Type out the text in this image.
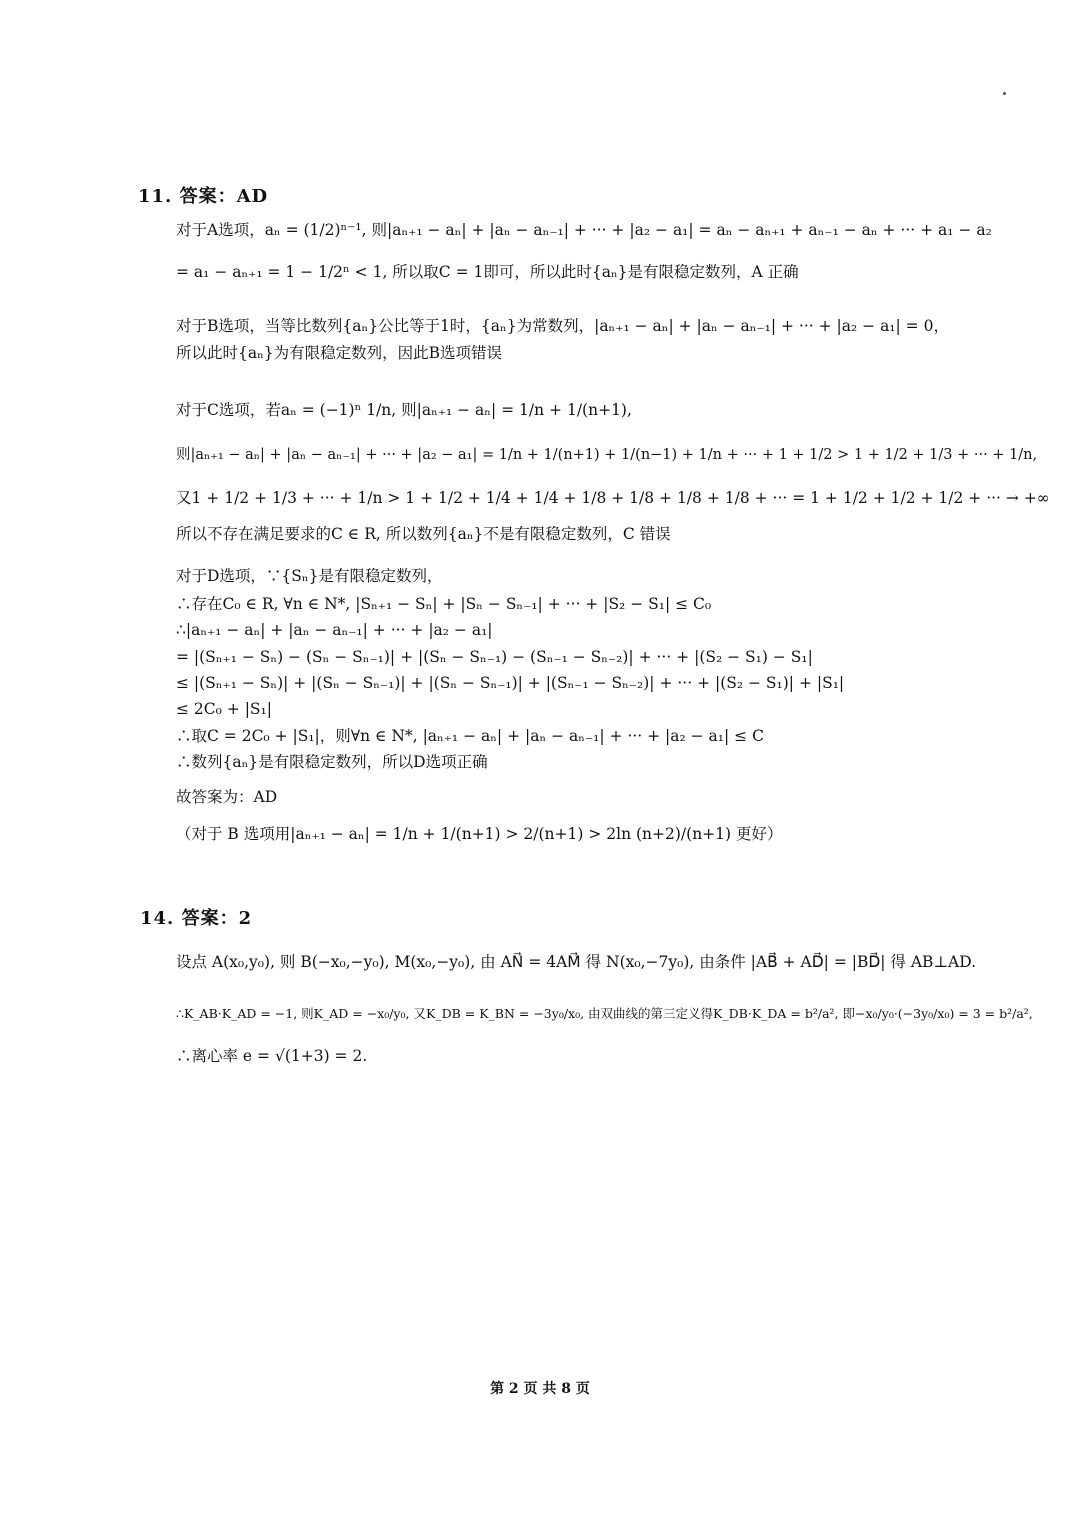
11. 答案：AD
对于A选项，aₙ = (1/2)ⁿ⁻¹, 则|aₙ₊₁ − aₙ| + |aₙ − aₙ₋₁| + ··· + |a₂ − a₁| = aₙ − aₙ₊₁ + aₙ₋₁ − aₙ + ··· + a₁ − a₂
= a₁ − aₙ₊₁ = 1 − 1/2ⁿ < 1, 所以取C = 1即可，所以此时{aₙ}是有限稳定数列，A 正确
对于B选项，当等比数列{aₙ}公比等于1时，{aₙ}为常数列，|aₙ₊₁ − aₙ| + |aₙ − aₙ₋₁| + ··· + |a₂ − a₁| = 0，
所以此时{aₙ}为有限稳定数列，因此B选项错误
对于C选项，若aₙ = (−1)ⁿ 1/n, 则|aₙ₊₁ − aₙ| = 1/n + 1/(n+1),
则|aₙ₊₁ − aₙ| + |aₙ − aₙ₋₁| + ··· + |a₂ − a₁| = 1/n + 1/(n+1) + 1/(n−1) + 1/n + ··· + 1 + 1/2 > 1 + 1/2 + 1/3 + ··· + 1/n,
又1 + 1/2 + 1/3 + ··· + 1/n > 1 + 1/2 + 1/4 + 1/4 + 1/8 + 1/8 + 1/8 + 1/8 + ··· = 1 + 1/2 + 1/2 + 1/2 + ··· → +∞
所以不存在满足要求的C ∈ R, 所以数列{aₙ}不是有限稳定数列，C 错误
对于D选项，∵{Sₙ}是有限稳定数列，
∴存在C₀ ∈ R, ∀n ∈ N*, |Sₙ₊₁ − Sₙ| + |Sₙ − Sₙ₋₁| + ··· + |S₂ − S₁| ≤ C₀
∴|aₙ₊₁ − aₙ| + |aₙ − aₙ₋₁| + ··· + |a₂ − a₁|
= |(Sₙ₊₁ − Sₙ) − (Sₙ − Sₙ₋₁)| + |(Sₙ − Sₙ₋₁) − (Sₙ₋₁ − Sₙ₋₂)| + ··· + |(S₂ − S₁) − S₁|
≤ |(Sₙ₊₁ − Sₙ)| + |(Sₙ − Sₙ₋₁)| + |(Sₙ − Sₙ₋₁)| + |(Sₙ₋₁ − Sₙ₋₂)| + ··· + |(S₂ − S₁)| + |S₁|
≤ 2C₀ + |S₁|
∴取C = 2C₀ + |S₁|，则∀n ∈ N*, |aₙ₊₁ − aₙ| + |aₙ − aₙ₋₁| + ··· + |a₂ − a₁| ≤ C
∴数列{aₙ}是有限稳定数列，所以D选项正确
故答案为：AD
（对于 B 选项用|aₙ₊₁ − aₙ| = 1/n + 1/(n+1) > 2/(n+1) > 2ln (n+2)/(n+1) 更好）
14. 答案：2
设点 A(x₀,y₀), 则 B(−x₀,−y₀), M(x₀,−y₀), 由 AN⃗ = 4AM⃗ 得 N(x₀,−7y₀), 由条件 |AB⃗ + AD⃗| = |BD⃗| 得 AB⊥AD.
∴K_AB·K_AD = −1, 则K_AD = −x₀/y₀, 又K_DB = K_BN = −3y₀/x₀, 由双曲线的第三定义得K_DB·K_DA = b²/a², 即−x₀/y₀·(−3y₀/x₀) = 3 = b²/a²,
∴离心率 e = √(1+3) = 2.
第 2 页 共 8 页
